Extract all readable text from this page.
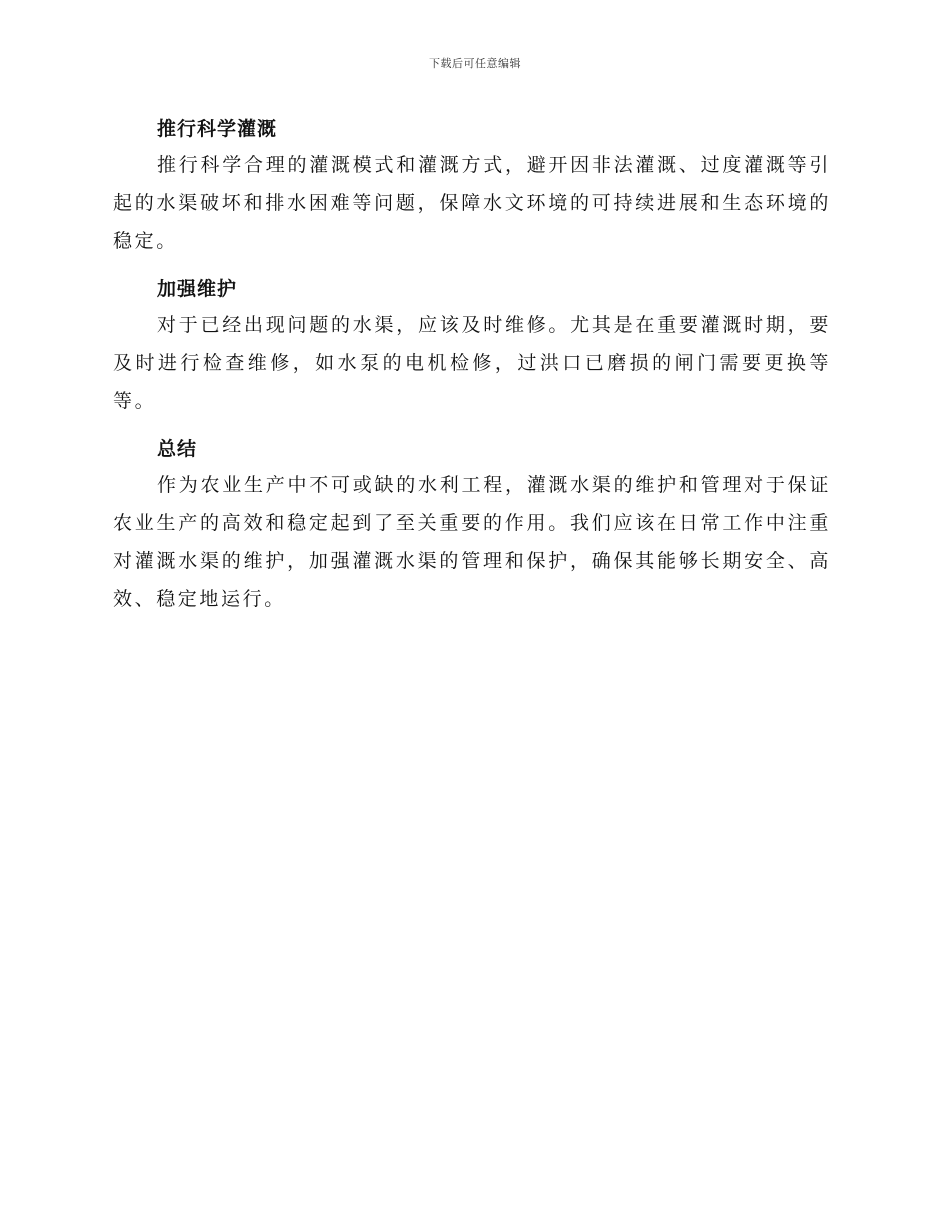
下载后可任意编辑
推行科学灌溉

推行科学合理的灌溉模式和灌溉方式，避开因非法灌溉、过度灌溉等引起的水渠破坏和排水困难等问题，保障水文环境的可持续进展和生态环境的稳定。

加强维护

对于已经出现问题的水渠，应该及时维修。尤其是在重要灌溉时期，要及时进行检查维修，如水泵的电机检修，过洪口已磨损的闸门需要更换等等。

总结

作为农业生产中不可或缺的水利工程，灌溉水渠的维护和管理对于保证农业生产的高效和稳定起到了至关重要的作用。我们应该在日常工作中注重对灌溉水渠的维护，加强灌溉水渠的管理和保护，确保其能够长期安全、高效、稳定地运行。
